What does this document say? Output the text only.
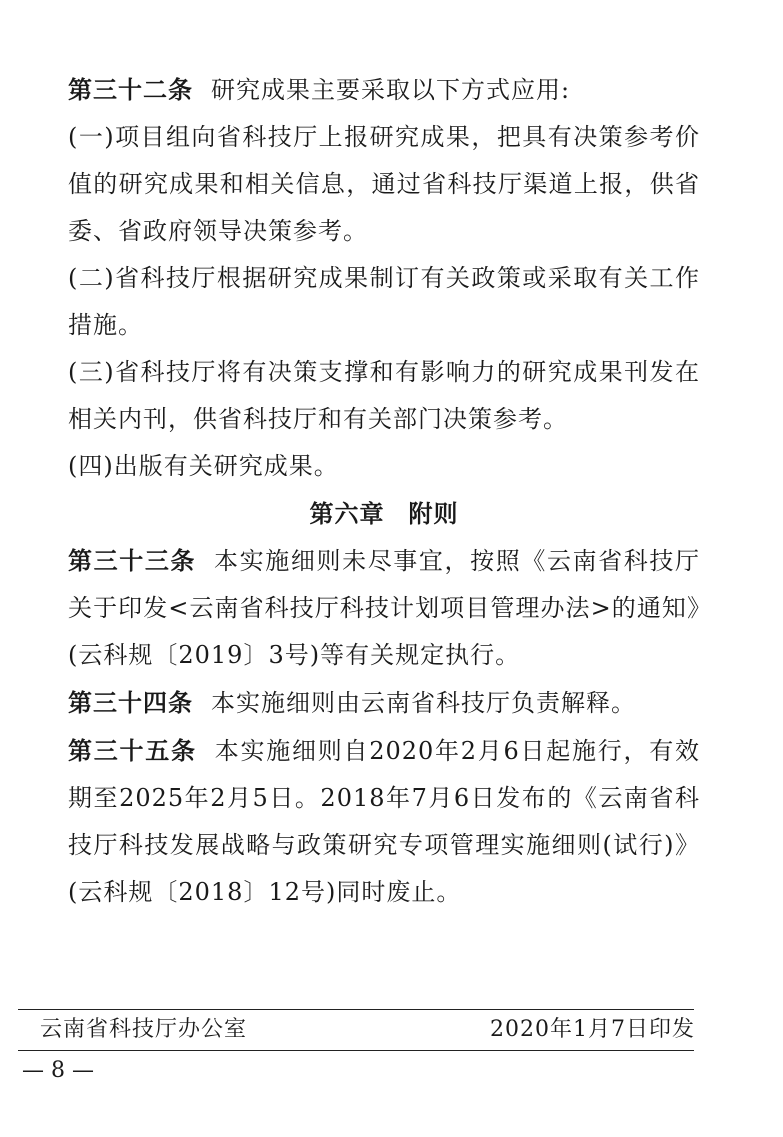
第三十二条 研究成果主要采取以下方式应用:

(一)项目组向省科技厅上报研究成果，把具有决策参考价值的研究成果和相关信息，通过省科技厅渠道上报，供省委、省政府领导决策参考。

(二)省科技厅根据研究成果制订有关政策或采取有关工作措施。

(三)省科技厅将有决策支撑和有影响力的研究成果刊发在相关内刊，供省科技厅和有关部门决策参考。

(四)出版有关研究成果。

第六章 附则

第三十三条 本实施细则未尽事宜，按照《云南省科技厅关于印发<云南省科技厅科技计划项目管理办法>的通知》(云科规〔2019〕3号)等有关规定执行。

第三十四条 本实施细则由云南省科技厅负责解释。

第三十五条 本实施细则自2020年2月6日起施行，有效期至2025年2月5日。2018年7月6日发布的《云南省科技厅科技发展战略与政策研究专项管理实施细则(试行)》(云科规〔2018〕12号)同时废止。

云南省科技厅办公室	2020年1月7日印发
— 8 —
